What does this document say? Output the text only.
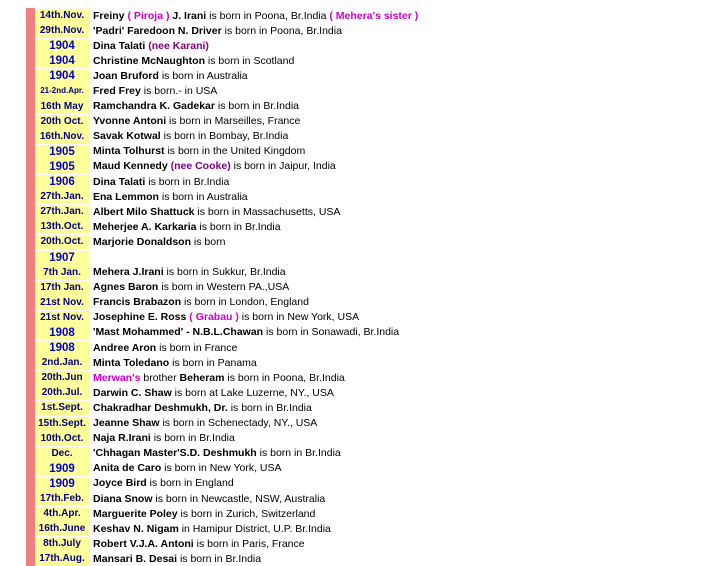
	14th.Nov.	Freiny ( Piroja ) J. Irani is born in Poona, Br.India ( Mehera's sister )
	29th.Nov.	'Padri' Faredoon N. Driver is born in Poona, Br.India
	1904	Dina Talati (nee Karani)
	1904	Christine McNaughton is born in Scotland
	1904	Joan Bruford is born in Australia
	21-2nd.Apr.	Fred Frey is born.- in USA
	16th May	Ramchandra K. Gadekar is born in Br.India
	20th Oct.	Yvonne Antoni is born in Marseilles, France
	16th.Nov.	Savak Kotwal is born in Bombay, Br.India
	1905	Minta Tolhurst is born in the United Kingdom
	1905	Maud Kennedy (nee Cooke) is born in Jaipur, India
	1906	Dina Talati is born in Br.India
	27th.Jan.	Ena Lemmon is born in Australia
	27th.Jan.	Albert Milo Shattuck is born in Massachusetts, USA
	13th.Oct.	Meherjee A. Karkaria is born in Br.India
	20th.Oct.	Marjorie Donaldson is born
	1907	
	7th Jan.	Mehera J.Irani is born in Sukkur, Br.India
	17th Jan.	Agnes Baron is born in Western PA.,USA
	21st Nov.	Francis Brabazon is born in London, England
	21st Nov.	Josephine E. Ross ( Grabau ) is born in New York, USA
	1908	'Mast Mohammed' - N.B.L.Chawan is born in Sonawadi, Br.India
	1908	Andree Aron is born in France
	2nd.Jan.	Minta Toledano is born in Panama
	20th.Jun	Merwan's brother Beheram is born in Poona, Br.India
	20th.Jul.	Darwin C. Shaw is born at Lake Luzerne, NY., USA
	1st.Sept.	Chakradhar Deshmukh, Dr. is born in Br.India
	15th.Sept.	Jeanne Shaw is born in Schenectady, NY., USA
	10th.Oct.	Naja R.Irani is born in Br.India
	Dec.	'Chhagan Master'S.D. Deshmukh is born in Br.India
	1909	Anita de Caro is born in New York, USA
	1909	Joyce Bird is born in England
	17th.Feb.	Diana Snow is born in Newcastle, NSW, Australia
	4th.Apr.	Marguerite Poley is born in Zurich, Switzerland
	16th.June	Keshav N. Nigam in Hamipur District, U.P. Br.India
	8th.July	Robert V.J.A. Antoni is born in Paris, France
	17th.Aug.	Mansari B. Desai is born in Br.India
